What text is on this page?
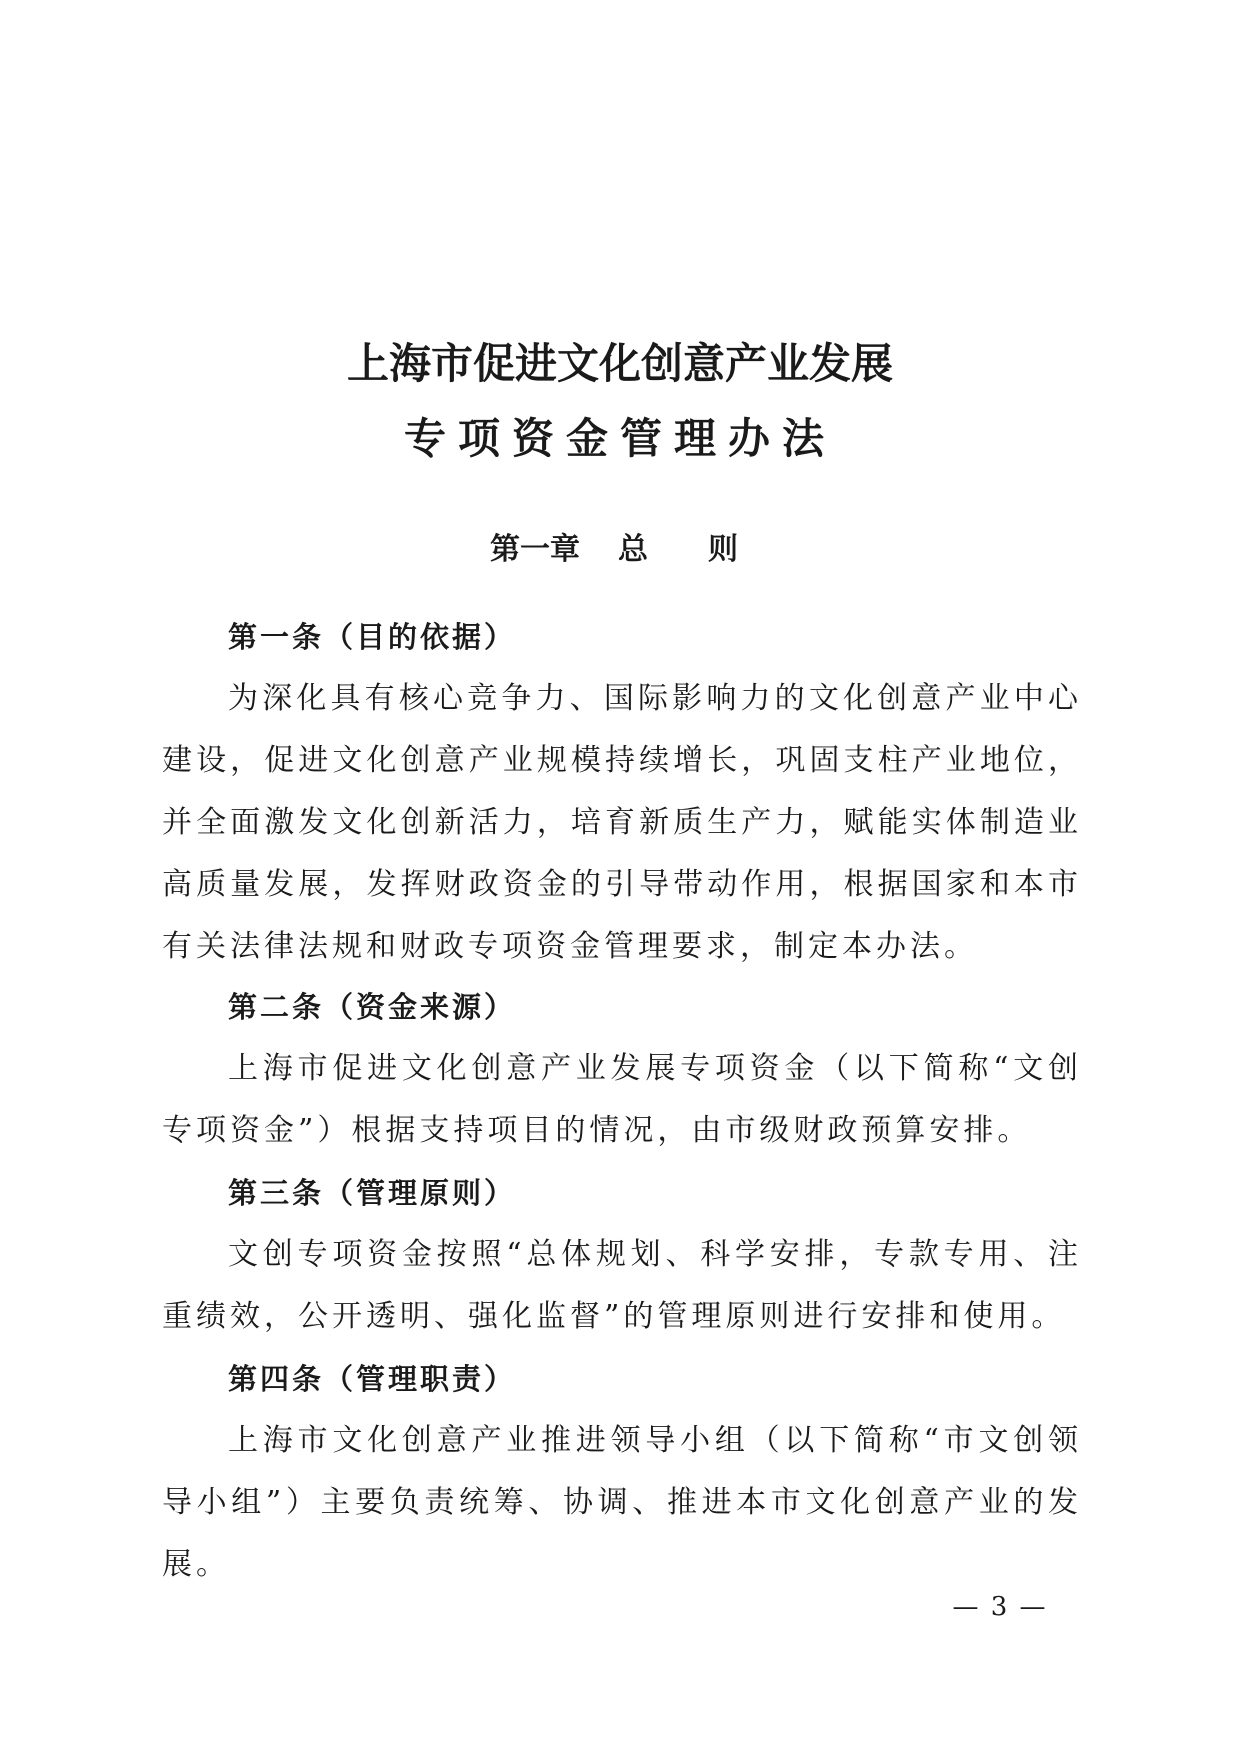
上海市促进文化创意产业发展
专项资金管理办法
第一章 总 则

第一条（目的依据）

为深化具有核心竞争力、国际影响力的文化创意产业中心建设，促进文化创意产业规模持续增长，巩固支柱产业地位，并全面激发文化创新活力，培育新质生产力，赋能实体制造业高质量发展，发挥财政资金的引导带动作用，根据国家和本市有关法律法规和财政专项资金管理要求，制定本办法。

第二条（资金来源）

上海市促进文化创意产业发展专项资金（以下简称“文创专项资金”）根据支持项目的情况，由市级财政预算安排。

第三条（管理原则）

文创专项资金按照“总体规划、科学安排，专款专用、注重绩效，公开透明、强化监督”的管理原则进行安排和使用。

第四条（管理职责）

上海市文化创意产业推进领导小组（以下简称“市文创领导小组”）主要负责统筹、协调、推进本市文化创意产业的发展。

— 3 —
